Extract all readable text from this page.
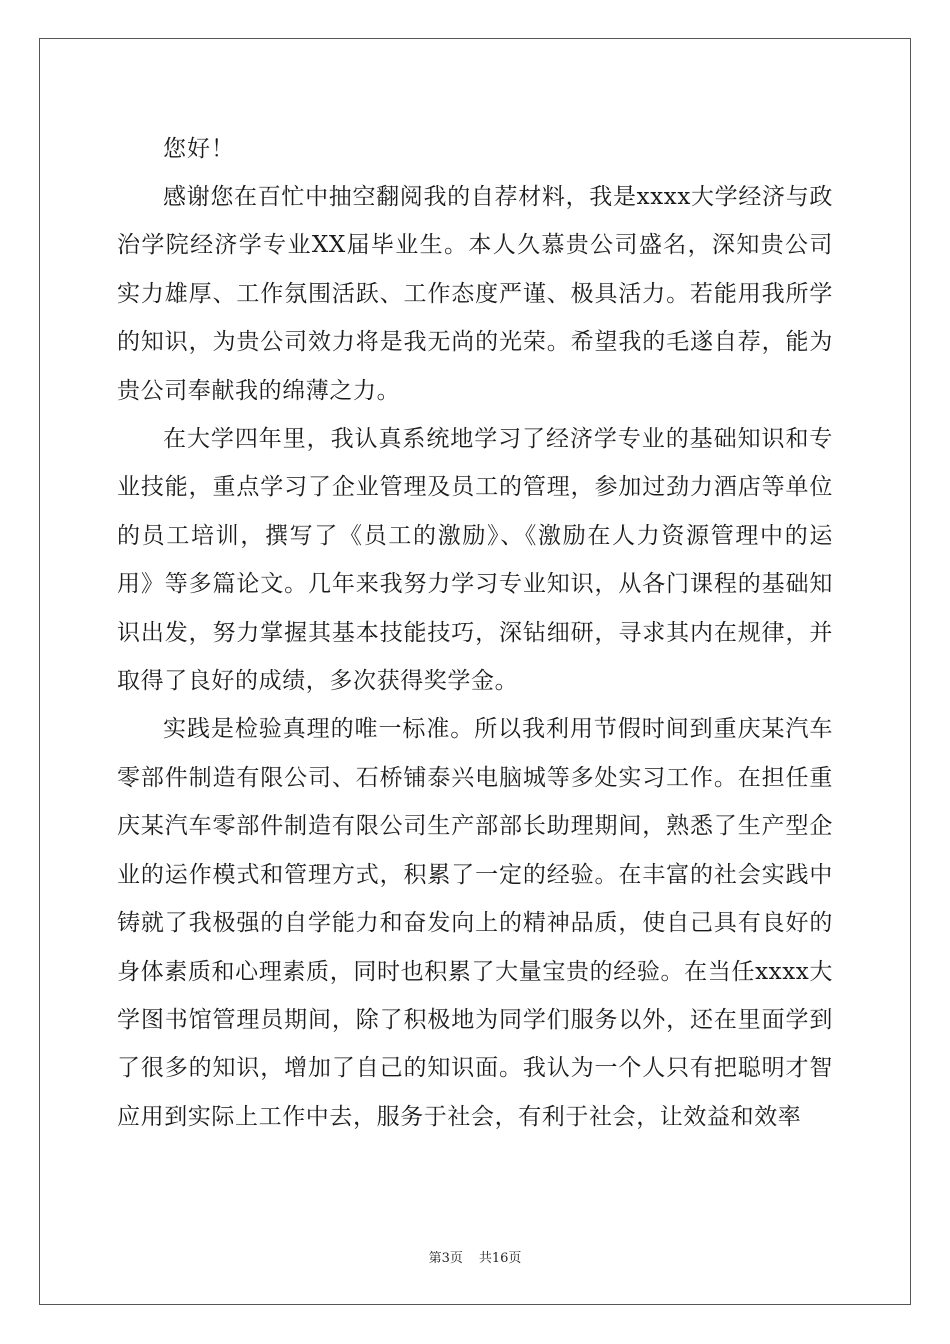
您好！

感谢您在百忙中抽空翻阅我的自荐材料，我是xxxx大学经济与政治学院经济学专业XX届毕业生。本人久慕贵公司盛名，深知贵公司实力雄厚、工作氛围活跃、工作态度严谨、极具活力。若能用我所学的知识，为贵公司效力将是我无尚的光荣。希望我的毛遂自荐，能为贵公司奉献我的绵薄之力。

在大学四年里，我认真系统地学习了经济学专业的基础知识和专业技能，重点学习了企业管理及员工的管理，参加过劲力酒店等单位的员工培训，撰写了《员工的激励》、《激励在人力资源管理中的运用》等多篇论文。几年来我努力学习专业知识，从各门课程的基础知识出发，努力掌握其基本技能技巧，深钻细研，寻求其内在规律，并取得了良好的成绩，多次获得奖学金。

实践是检验真理的唯一标准。所以我利用节假时间到重庆某汽车零部件制造有限公司、石桥铺泰兴电脑城等多处实习工作。在担任重庆某汽车零部件制造有限公司生产部部长助理期间，熟悉了生产型企业的运作模式和管理方式，积累了一定的经验。在丰富的社会实践中铸就了我极强的自学能力和奋发向上的精神品质，使自己具有良好的身体素质和心理素质，同时也积累了大量宝贵的经验。在当任xxxx大学图书馆管理员期间，除了积极地为同学们服务以外，还在里面学到了很多的知识，增加了自己的知识面。我认为一个人只有把聪明才智应用到实际上工作中去，服务于社会，有利于社会，让效益和效率

第3页 共16页
